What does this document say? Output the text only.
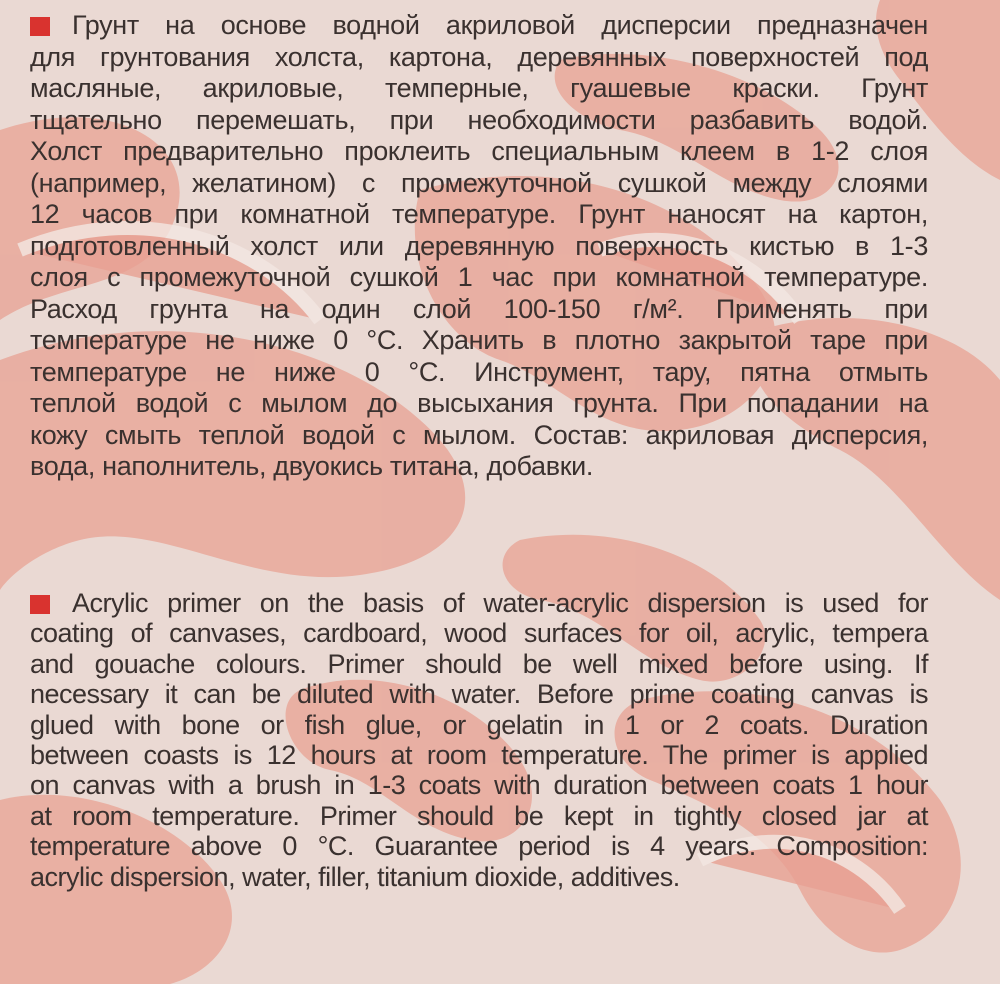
Грунт на основе водной акриловой дисперсии предназначен
для грунтования холста, картона, деревянных поверхностей под
масляные, акриловые, темперные, гуашевые краски. Грунт
тщательно перемешать, при необходимости разбавить водой.
Холст предварительно проклеить специальным клеем в 1-2 слоя
(например, желатином) с промежуточной сушкой между слоями
12 часов при комнатной температуре. Грунт наносят на картон,
подготовленный холст или деревянную поверхность кистью в 1-3
слоя с промежуточной сушкой 1 час при комнатной температуре.
Расход грунта на один слой 100-150 г/м². Применять при
температуре не ниже 0 °С. Хранить в плотно закрытой таре при
температуре не ниже 0 °С. Инструмент, тару, пятна отмыть
теплой водой с мылом до высыхания грунта. При попадании на
кожу смыть теплой водой с мылом. Состав: акриловая дисперсия,
вода, наполнитель, двуокись титана, добавки.
Acrylic primer on the basis of water-acrylic dispersion is used for
coating of canvases, cardboard, wood surfaces for oil, acrylic, tempera
and gouache colours. Primer should be well mixed before using. If
necessary it can be diluted with water. Before prime coating canvas is
glued with bone or fish glue, or gelatin in 1 or 2 coats. Duration
between coasts is 12 hours at room temperature. The primer is applied
on canvas with a brush in 1-3 coats with duration between coats 1 hour
at room temperature. Primer should be kept in tightly closed jar at
temperature above 0 °C. Guarantee period is 4 years. Composition:
acrylic dispersion, water, filler, titanium dioxide, additives.
